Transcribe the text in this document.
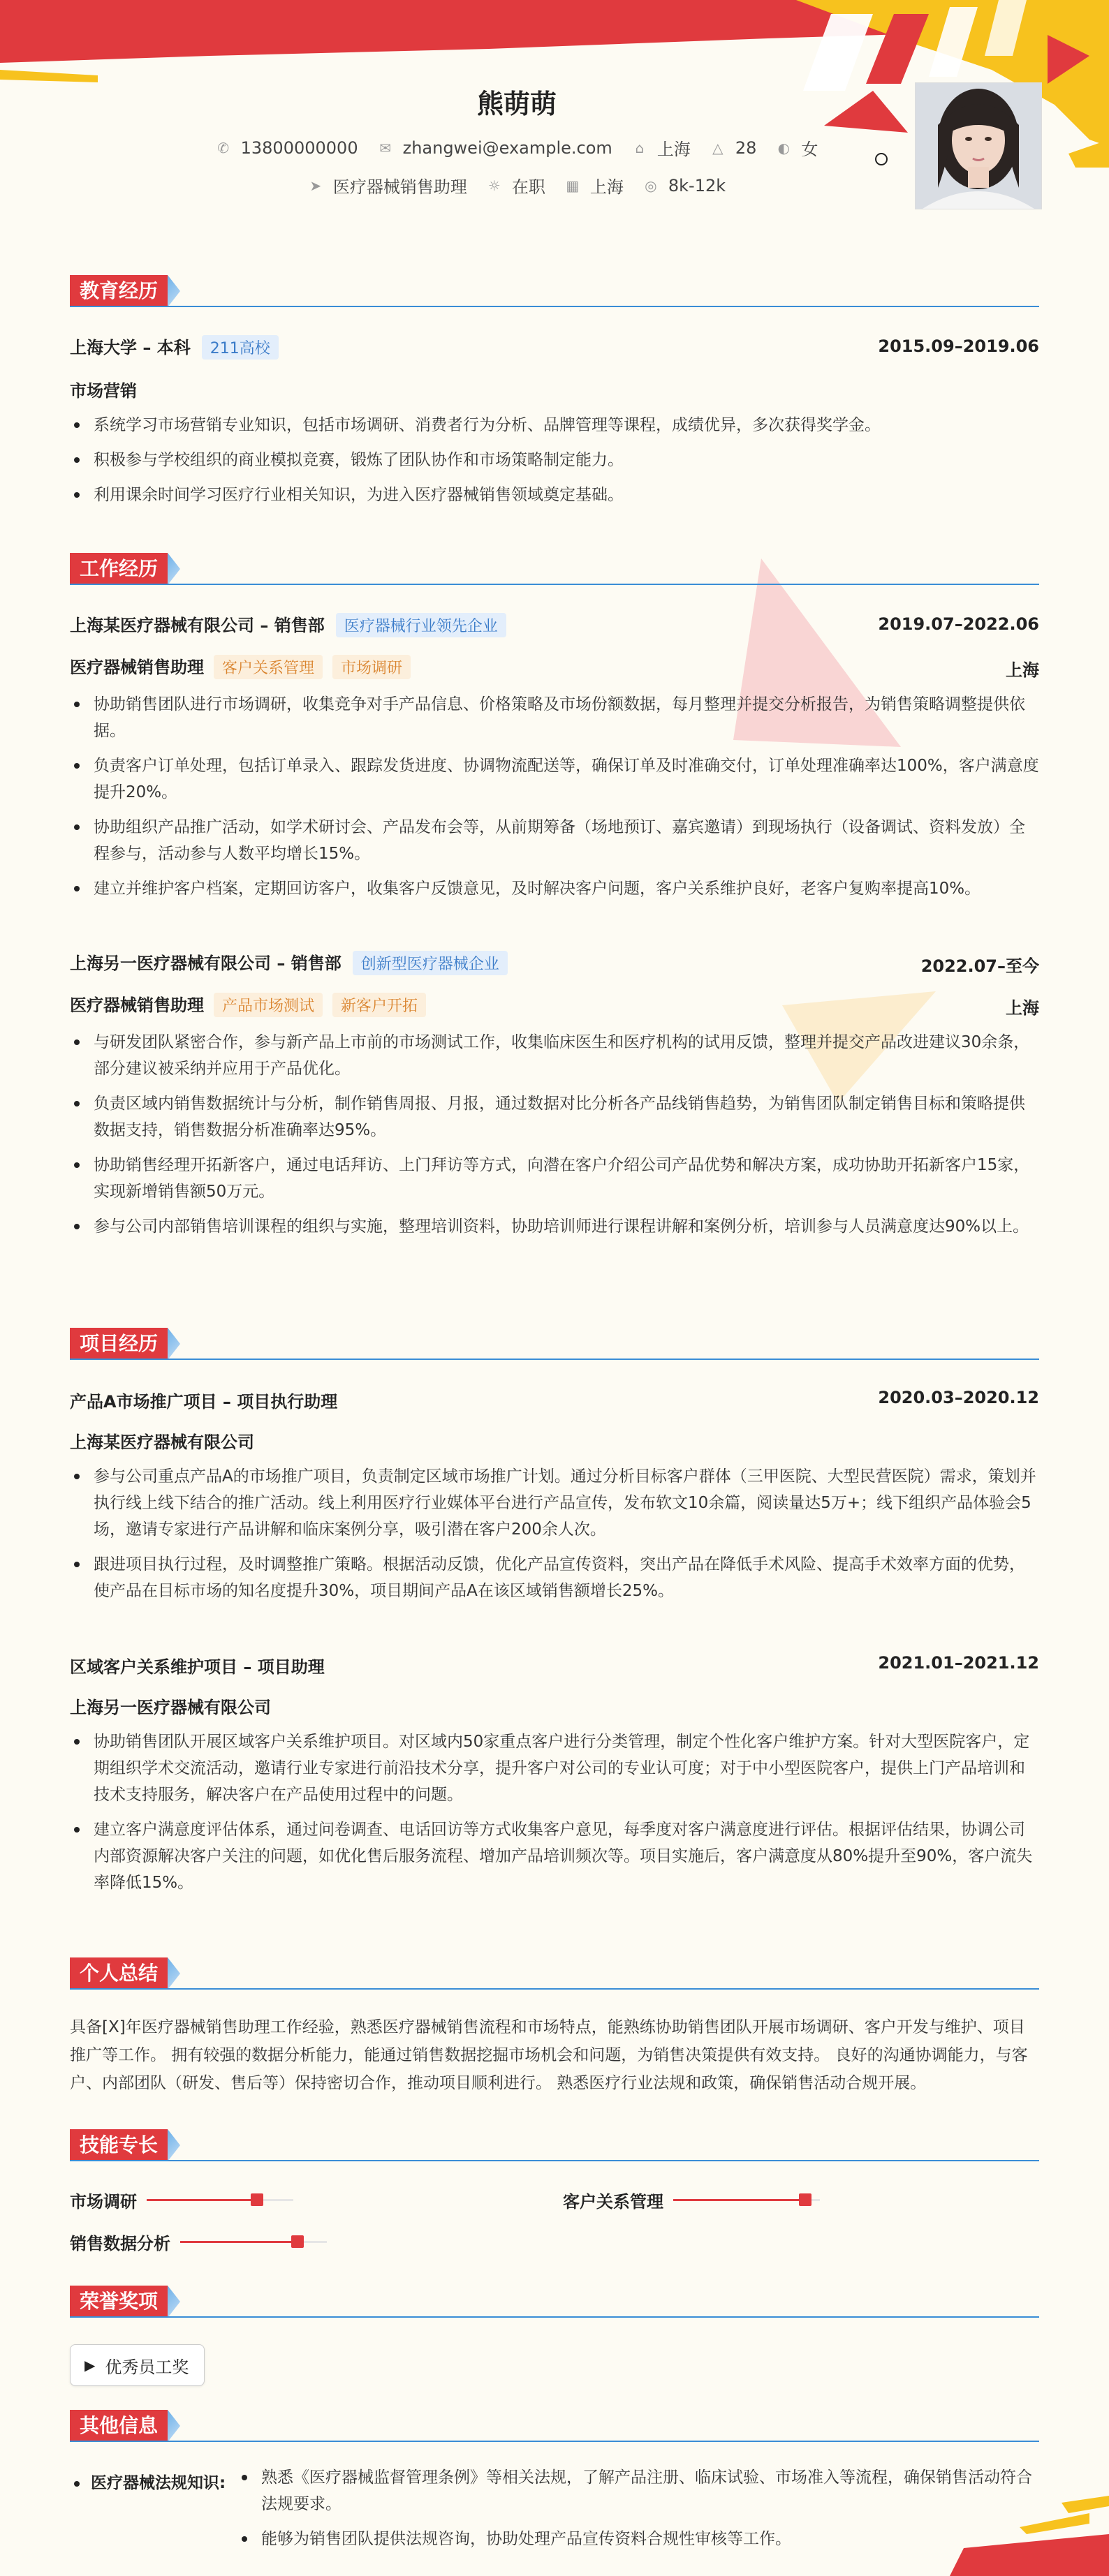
熊萌萌
✆ 13800000000 ✉ zhangwei@example.com ⌂ 上海 △ 28 ◐ 女
➤ 医疗器械销售助理 ☼ 在职 ▦ 上海 ◎ 8k-12k
教育经历
上海大学 – 本科 211高校	2015.09–2019.06
市场营销
系统学习市场营销专业知识，包括市场调研、消费者行为分析、品牌管理等课程，成绩优异，多次获得奖学金。
积极参与学校组织的商业模拟竞赛，锻炼了团队协作和市场策略制定能力。
利用课余时间学习医疗行业相关知识，为进入医疗器械销售领域奠定基础。
工作经历
上海某医疗器械有限公司 – 销售部 医疗器械行业领先企业	2019.07–2022.06
医疗器械销售助理 客户关系管理 市场调研	上海
协助销售团队进行市场调研，收集竞争对手产品信息、价格策略及市场份额数据，每月整理并提交分析报告，为销售策略调整提供依据。
负责客户订单处理，包括订单录入、跟踪发货进度、协调物流配送等，确保订单及时准确交付，订单处理准确率达100%，客户满意度提升20%。
协助组织产品推广活动，如学术研讨会、产品发布会等，从前期筹备（场地预订、嘉宾邀请）到现场执行（设备调试、资料发放）全程参与，活动参与人数平均增长15%。
建立并维护客户档案，定期回访客户，收集客户反馈意见，及时解决客户问题，客户关系维护良好，老客户复购率提高10%。
上海另一医疗器械有限公司 – 销售部 创新型医疗器械企业	2022.07–至今
医疗器械销售助理 产品市场测试 新客户开拓	上海
与研发团队紧密合作，参与新产品上市前的市场测试工作，收集临床医生和医疗机构的试用反馈，整理并提交产品改进建议30余条，部分建议被采纳并应用于产品优化。
负责区域内销售数据统计与分析，制作销售周报、月报，通过数据对比分析各产品线销售趋势，为销售团队制定销售目标和策略提供数据支持，销售数据分析准确率达95%。
协助销售经理开拓新客户，通过电话拜访、上门拜访等方式，向潜在客户介绍公司产品优势和解决方案，成功协助开拓新客户15家，实现新增销售额50万元。
参与公司内部销售培训课程的组织与实施，整理培训资料，协助培训师进行课程讲解和案例分析，培训参与人员满意度达90%以上。
项目经历
产品A市场推广项目 – 项目执行助理	2020.03–2020.12
上海某医疗器械有限公司
参与公司重点产品A的市场推广项目，负责制定区域市场推广计划。通过分析目标客户群体（三甲医院、大型民营医院）需求，策划并执行线上线下结合的推广活动。线上利用医疗行业媒体平台进行产品宣传，发布软文10余篇，阅读量达5万+；线下组织产品体验会5场，邀请专家进行产品讲解和临床案例分享，吸引潜在客户200余人次。
跟进项目执行过程，及时调整推广策略。根据活动反馈，优化产品宣传资料，突出产品在降低手术风险、提高手术效率方面的优势，使产品在目标市场的知名度提升30%，项目期间产品A在该区域销售额增长25%。
区域客户关系维护项目 – 项目助理	2021.01–2021.12
上海另一医疗器械有限公司
协助销售团队开展区域客户关系维护项目。对区域内50家重点客户进行分类管理，制定个性化客户维护方案。针对大型医院客户，定期组织学术交流活动，邀请行业专家进行前沿技术分享，提升客户对公司的专业认可度；对于中小型医院客户，提供上门产品培训和技术支持服务，解决客户在产品使用过程中的问题。
建立客户满意度评估体系，通过问卷调查、电话回访等方式收集客户意见，每季度对客户满意度进行评估。根据评估结果，协调公司内部资源解决客户关注的问题，如优化售后服务流程、增加产品培训频次等。项目实施后，客户满意度从80%提升至90%，客户流失率降低15%。
个人总结
具备[X]年医疗器械销售助理工作经验，熟悉医疗器械销售流程和市场特点，能熟练协助销售团队开展市场调研、客户开发与维护、项目推广等工作。 拥有较强的数据分析能力，能通过销售数据挖掘市场机会和问题，为销售决策提供有效支持。 良好的沟通协调能力，与客户、内部团队（研发、售后等）保持密切合作，推动项目顺利进行。 熟悉医疗行业法规和政策，确保销售活动合规开展。
技能专长
市场调研	客户关系管理
销售数据分析
荣誉奖项
▶ 优秀员工奖
其他信息
医疗器械法规知识:	熟悉《医疗器械监督管理条例》等相关法规，了解产品注册、临床试验、市场准入等流程，确保销售活动符合法规要求。
能够为销售团队提供法规咨询，协助处理产品宣传资料合规性审核等工作。
